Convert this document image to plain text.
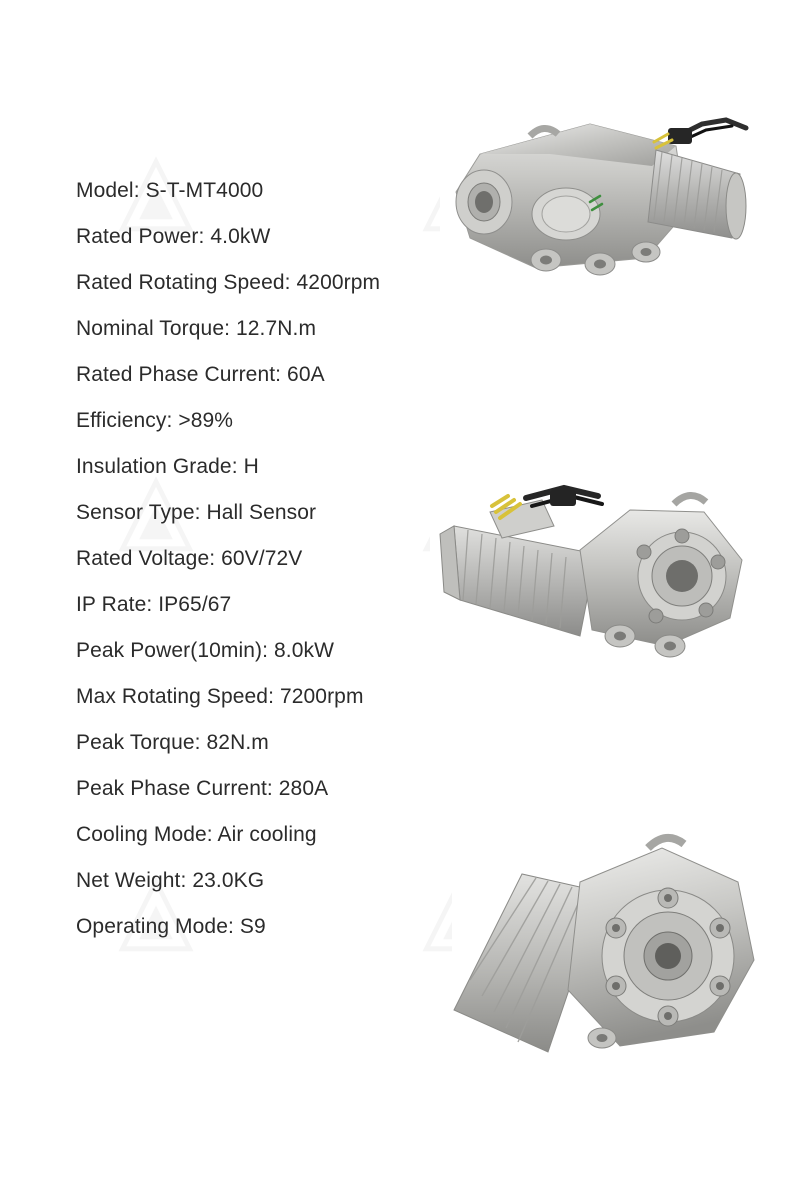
Model: S-T-MT4000
Rated Power: 4.0kW
Rated Rotating Speed: 4200rpm
Nominal Torque: 12.7N.m
Rated Phase Current: 60A
Efficiency: >89%
Insulation Grade: H
Sensor Type: Hall Sensor
Rated Voltage: 60V/72V
IP Rate: IP65/67
Peak Power(10min): 8.0kW
Max Rotating Speed: 7200rpm
Peak Torque: 82N.m
Peak Phase Current: 280A
Cooling Mode: Air cooling
Net Weight: 23.0KG
Operating Mode: S9
